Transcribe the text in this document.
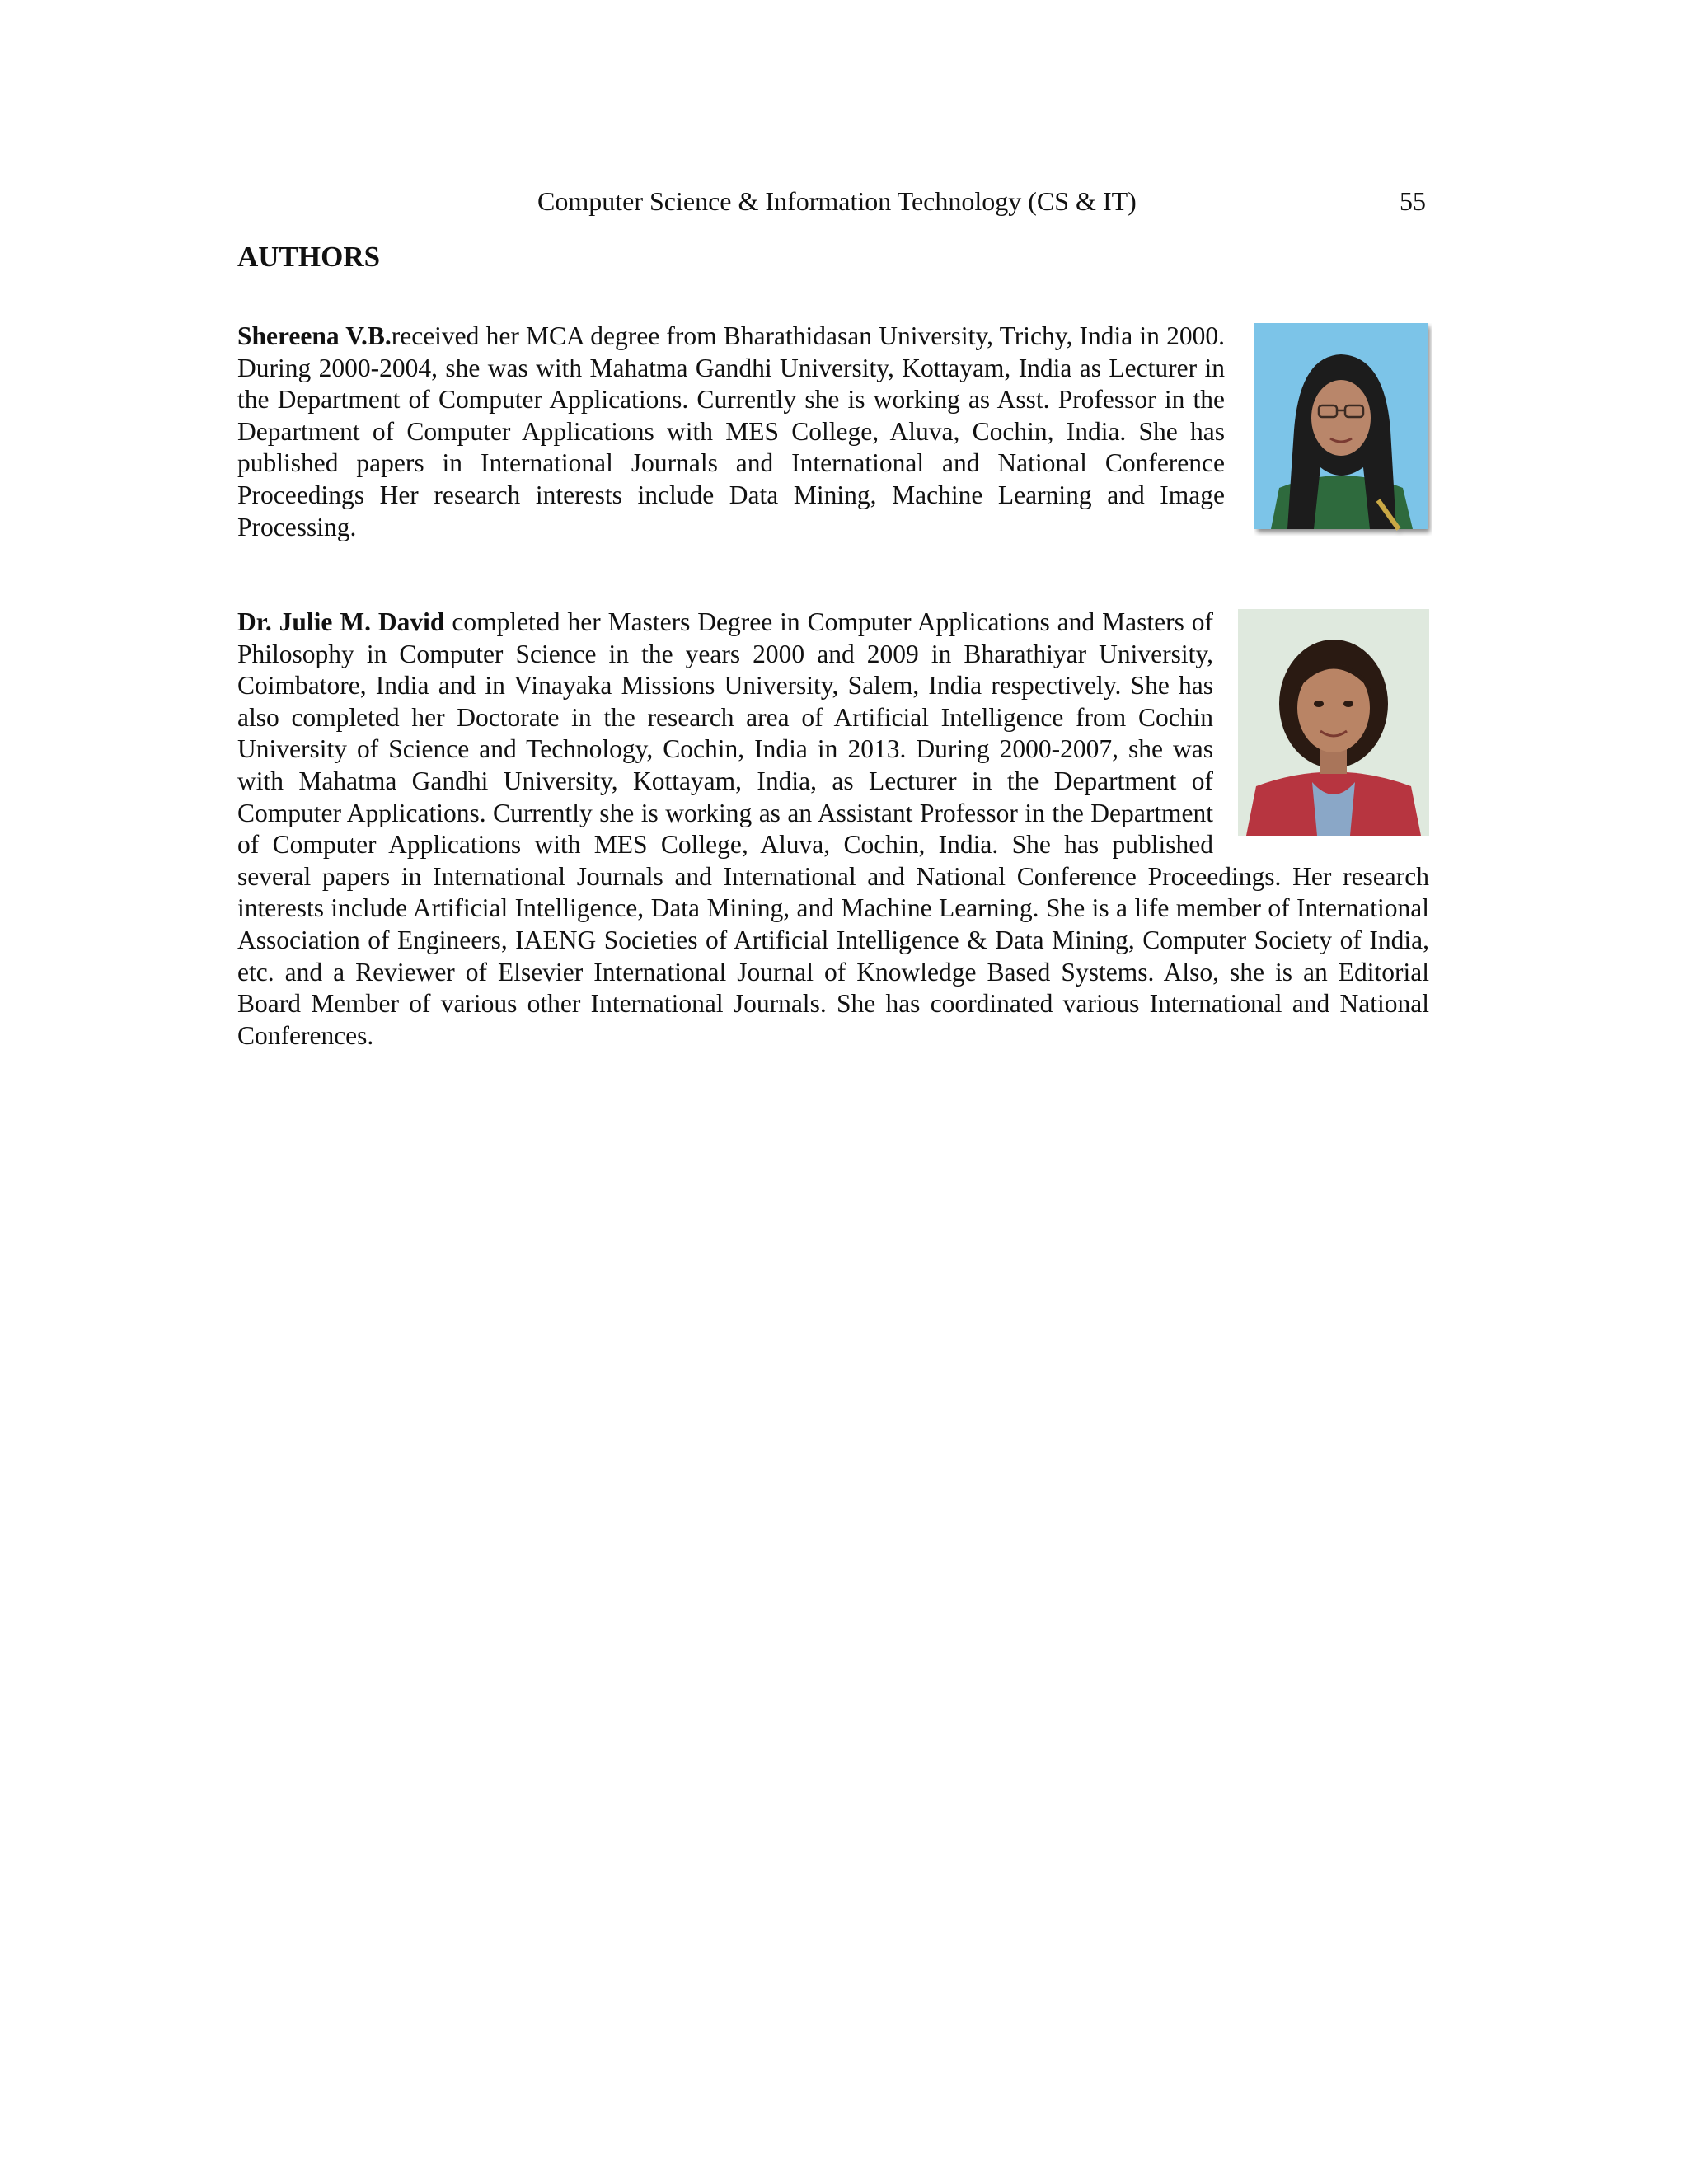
Computer Science & Information Technology (CS & IT)	55
AUTHORS

Shereena V.B.received her MCA degree from Bharathidasan University, Trichy, India in 2000. During 2000-2004, she was with Mahatma Gandhi University, Kottayam, India as Lecturer in the Department of Computer Applications. Currently she is working as Asst. Professor in the Department of Computer Applications with MES College, Aluva, Cochin, India. She has published papers in International Journals and International and National Conference Proceedings Her research interests include Data Mining, Machine Learning and Image Processing.

Dr. Julie M. David completed her Masters Degree in Computer Applications and Masters of Philosophy in Computer Science in the years 2000 and 2009 in Bharathiyar University, Coimbatore, India and in Vinayaka Missions University, Salem, India respectively. She has also completed her Doctorate in the research area of Artificial Intelligence from Cochin University of Science and Technology, Cochin, India in 2013. During 2000-2007, she was with Mahatma Gandhi University, Kottayam, India, as Lecturer in the Department of Computer Applications. Currently she is working as an Assistant Professor in the Department of Computer Applications with MES College, Aluva, Cochin, India. She has published several papers in International Journals and International and National Conference Proceedings. Her research interests include Artificial Intelligence, Data Mining, and Machine Learning. She is a life member of International Association of Engineers, IAENG Societies of Artificial Intelligence & Data Mining, Computer Society of India, etc. and a Reviewer of Elsevier International Journal of Knowledge Based Systems. Also, she is an Editorial Board Member of various other International Journals. She has coordinated various International and National Conferences.
